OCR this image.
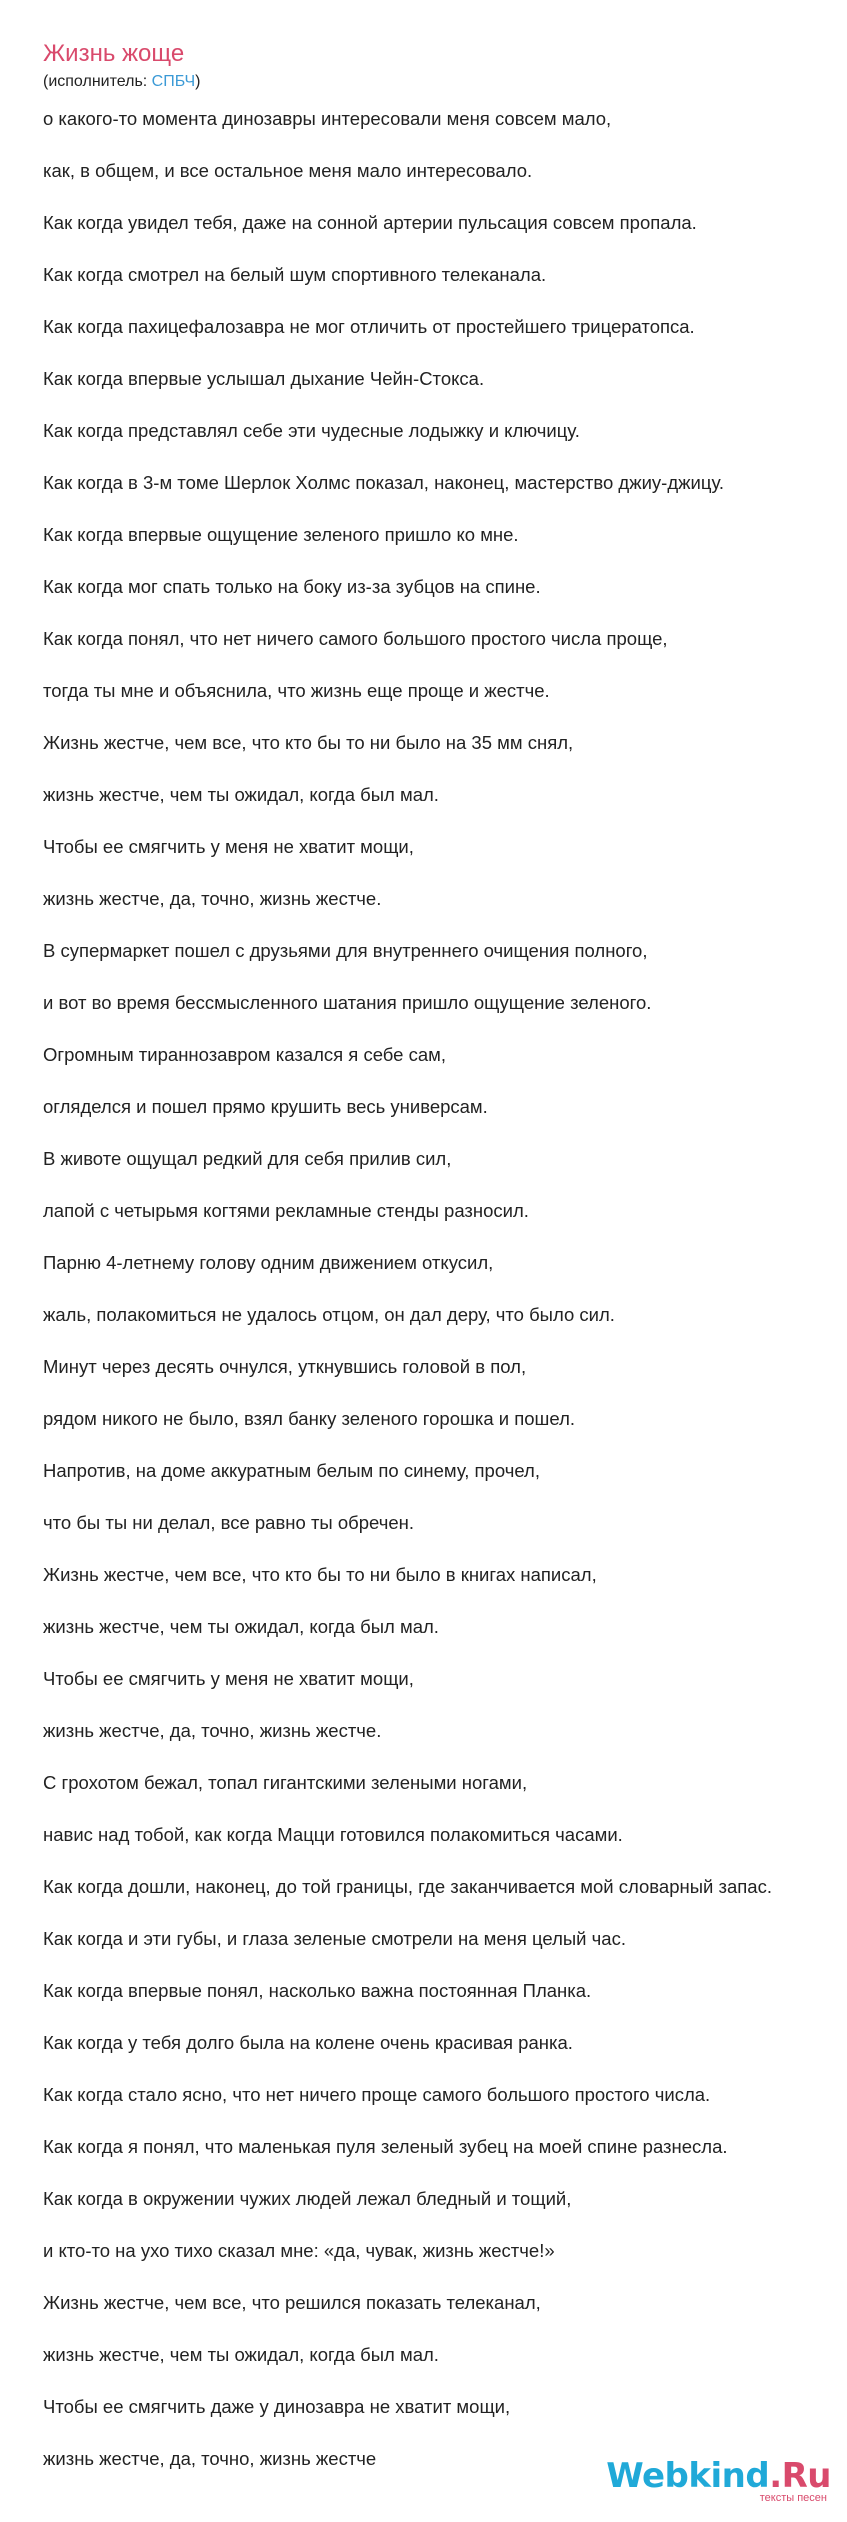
Жизнь жоще
(исполнитель: СПБЧ)

о какого-то момента динозавры интересовали меня совсем мало,

как, в общем, и все остальное меня мало интересовало.

Как когда увидел тебя, даже на сонной артерии пульсация совсем пропала.

Как когда смотрел на белый шум спортивного телеканала.

Как когда пахицефалозавра не мог отличить от простейшего трицератопса.

Как когда впервые услышал дыхание Чейн-Стокса.

Как когда представлял себе эти чудесные лодыжку и ключицу.

Как когда в 3-м томе Шерлок Холмс показал, наконец, мастерство джиу-джицу.

Как когда впервые ощущение зеленого пришло ко мне.

Как когда мог спать только на боку из-за зубцов на спине.

Как когда понял, что нет ничего самого большого простого числа проще,

тогда ты мне и объяснила, что жизнь еще проще и жестче.

Жизнь жестче, чем все, что кто бы то ни было на 35 мм снял,

жизнь жестче, чем ты ожидал, когда был мал.

Чтобы ее смягчить у меня не хватит мощи,

жизнь жестче, да, точно, жизнь жестче.

В супермаркет пошел с друзьями для внутреннего очищения полного,

и вот во время бессмысленного шатания пришло ощущение зеленого.

Огромным тираннозавром казался я себе сам,

огляделся и пошел прямо крушить весь универсам.

В животе ощущал редкий для себя прилив сил,

лапой с четырьмя когтями рекламные стенды разносил.

Парню 4-летнему голову одним движением откусил,

жаль, полакомиться не удалось отцом, он дал деру, что было сил.

Минут через десять очнулся, уткнувшись головой в пол,

рядом никого не было, взял банку зеленого горошка и пошел.

Напротив, на доме аккуратным белым по синему, прочел,

что бы ты ни делал, все равно ты обречен.

Жизнь жестче, чем все, что кто бы то ни было в книгах написал,

жизнь жестче, чем ты ожидал, когда был мал.

Чтобы ее смягчить у меня не хватит мощи,

жизнь жестче, да, точно, жизнь жестче.

С грохотом бежал, топал гигантскими зелеными ногами,

навис над тобой, как когда Мацци готовился полакомиться часами.

Как когда дошли, наконец, до той границы, где заканчивается мой словарный запас.

Как когда и эти губы, и глаза зеленые смотрели на меня целый час.

Как когда впервые понял, насколько важна постоянная Планка.

Как когда у тебя долго была на колене очень красивая ранка.

Как когда стало ясно, что нет ничего проще самого большого простого числа.

Как когда я понял, что маленькая пуля зеленый зубец на моей спине разнесла.

Как когда в окружении чужих людей лежал бледный и тощий,

и кто-то на ухо тихо сказал мне: «да, чувак, жизнь жестче!»

Жизнь жестче, чем все, что решился показать телеканал,

жизнь жестче, чем ты ожидал, когда был мал.

Чтобы ее смягчить даже у динозавра не хватит мощи,

жизнь жестче, да, точно, жизнь жестче	Webkind.Ru
тексты песен
